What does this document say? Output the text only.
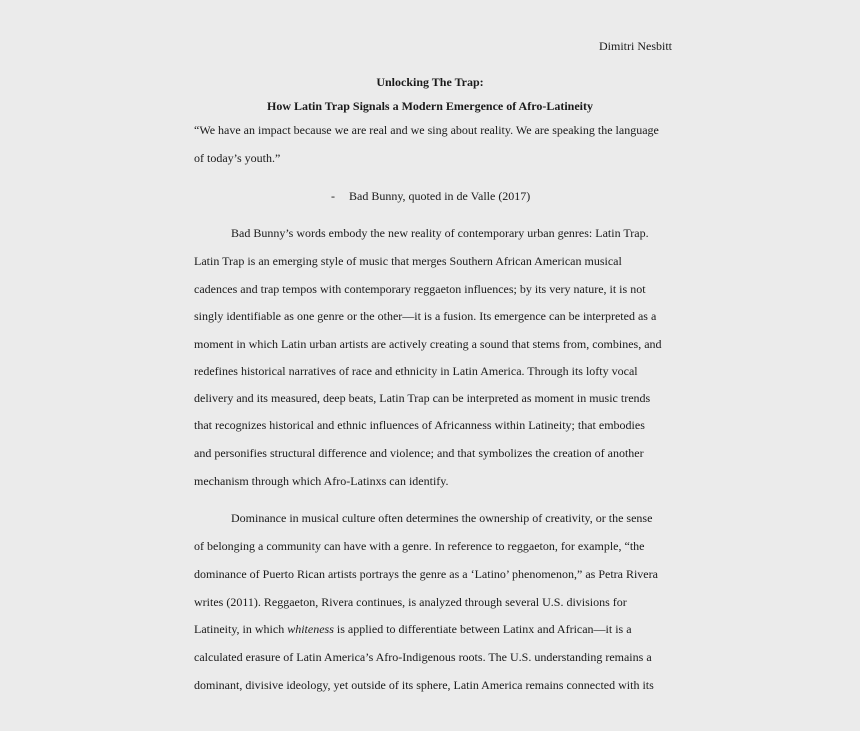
Dimitri Nesbitt
Unlocking The Trap:
How Latin Trap Signals a Modern Emergence of Afro-Latineity
“We have an impact because we are real and we sing about reality. We are speaking the language
of today’s youth.”
- Bad Bunny, quoted in de Valle (2017)
Bad Bunny’s words embody the new reality of contemporary urban genres: Latin Trap.
Latin Trap is an emerging style of music that merges Southern African American musical
cadences and trap tempos with contemporary reggaeton influences; by its very nature, it is not
singly identifiable as one genre or the other—it is a fusion. Its emergence can be interpreted as a
moment in which Latin urban artists are actively creating a sound that stems from, combines, and
redefines historical narratives of race and ethnicity in Latin America. Through its lofty vocal
delivery and its measured, deep beats, Latin Trap can be interpreted as moment in music trends
that recognizes historical and ethnic influences of Africanness within Latineity; that embodies
and personifies structural difference and violence; and that symbolizes the creation of another
mechanism through which Afro-Latinxs can identify.
Dominance in musical culture often determines the ownership of creativity, or the sense
of belonging a community can have with a genre. In reference to reggaeton, for example, “the
dominance of Puerto Rican artists portrays the genre as a ‘Latino’ phenomenon,” as Petra Rivera
writes (2011). Reggaeton, Rivera continues, is analyzed through several U.S. divisions for
Latineity, in which whiteness is applied to differentiate between Latinx and African—it is a
calculated erasure of Latin America’s Afro-Indigenous roots. The U.S. understanding remains a
dominant, divisive ideology, yet outside of its sphere, Latin America remains connected with its
